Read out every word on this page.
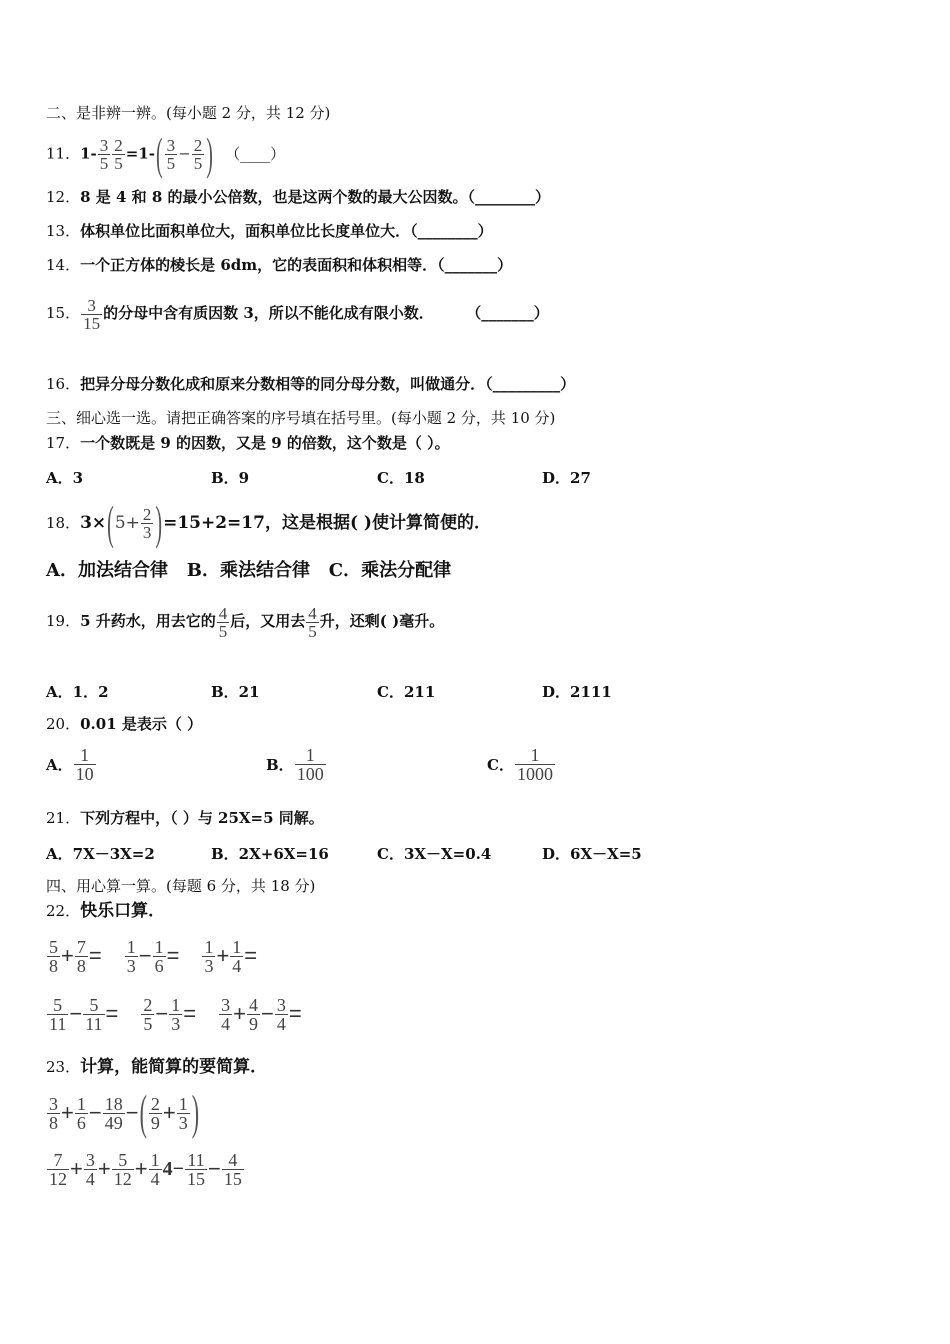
二、是非辨一辨。(每小题 2 分，共 12 分)
11．$1- \frac{3}{5} \frac{2}{5} =1-( \frac{3}{5} - \frac{2}{5}$ ) （____）
12．8 是 4 和 8 的最小公倍数，也是这两个数的最大公因数。（________）
13．体积单位比面积单位大，面积单位比长度单位大．（________）
14．一个正方体的棱长是 6dm，它的表面积和体积相等．（_______）
15． $\frac{3}{15}$ 的分母中含有质因数 3，所以不能化成有限小数．	（_______）
16．把异分母分数化成和原来分数相等的同分母分数，叫做通分．（_________）
三、细心选一选。请把正确答案的序号填在括号里。(每小题 2 分，共 10 分)
17．一个数既是 9 的因数，又是 9 的倍数，这个数是（ ）。
A．3	B．9	C．18	D．27
18．$3\times(5+ \frac{2}{3} )=15+2=17$，这是根据( )使计算简便的．
A．加法结合律   B．乘法结合律   C．乘法分配律
19．5 升药水，用去它的 $\frac{4}{5}$ 后，又用去 $\frac{4}{5}$ 升，还剩( )毫升。
A．1．2	B．21	C．211	D．2111
20．0.01 是表示（ ）
A． $\frac{1}{10}$	B． $\frac{1}{100}$	C． $\frac{1}{1000}$
21．下列方程中，（ ）与 25X=5 同解。
A．7X－3X=2	B．2X+6X=16	C．3X－X=0.4	D．6X－X=5
四、用心算一算。(每题 6 分，共 18 分)
22．快乐口算．
$\frac{5}{8} + \frac{7}{8} = \frac{1}{3} - \frac{1}{6} = \frac{1}{3} + \frac{1}{4}$ =
$\frac{5}{11} - \frac{5}{11} = \frac{2}{5} - \frac{1}{3} = \frac{3}{4} + \frac{4}{9} - \frac{3}{4}$ =
23．计算，能简算的要简算．
$\frac{3}{8} + \frac{1}{6} - \frac{18}{49}$ −( $\frac{2}{9} + \frac{1}{3}$ )
$\frac{7}{12} + \frac{3}{4} + \frac{5}{12} + \frac{1}{4} 4- \frac{11}{15} - \frac{4}{15}$
